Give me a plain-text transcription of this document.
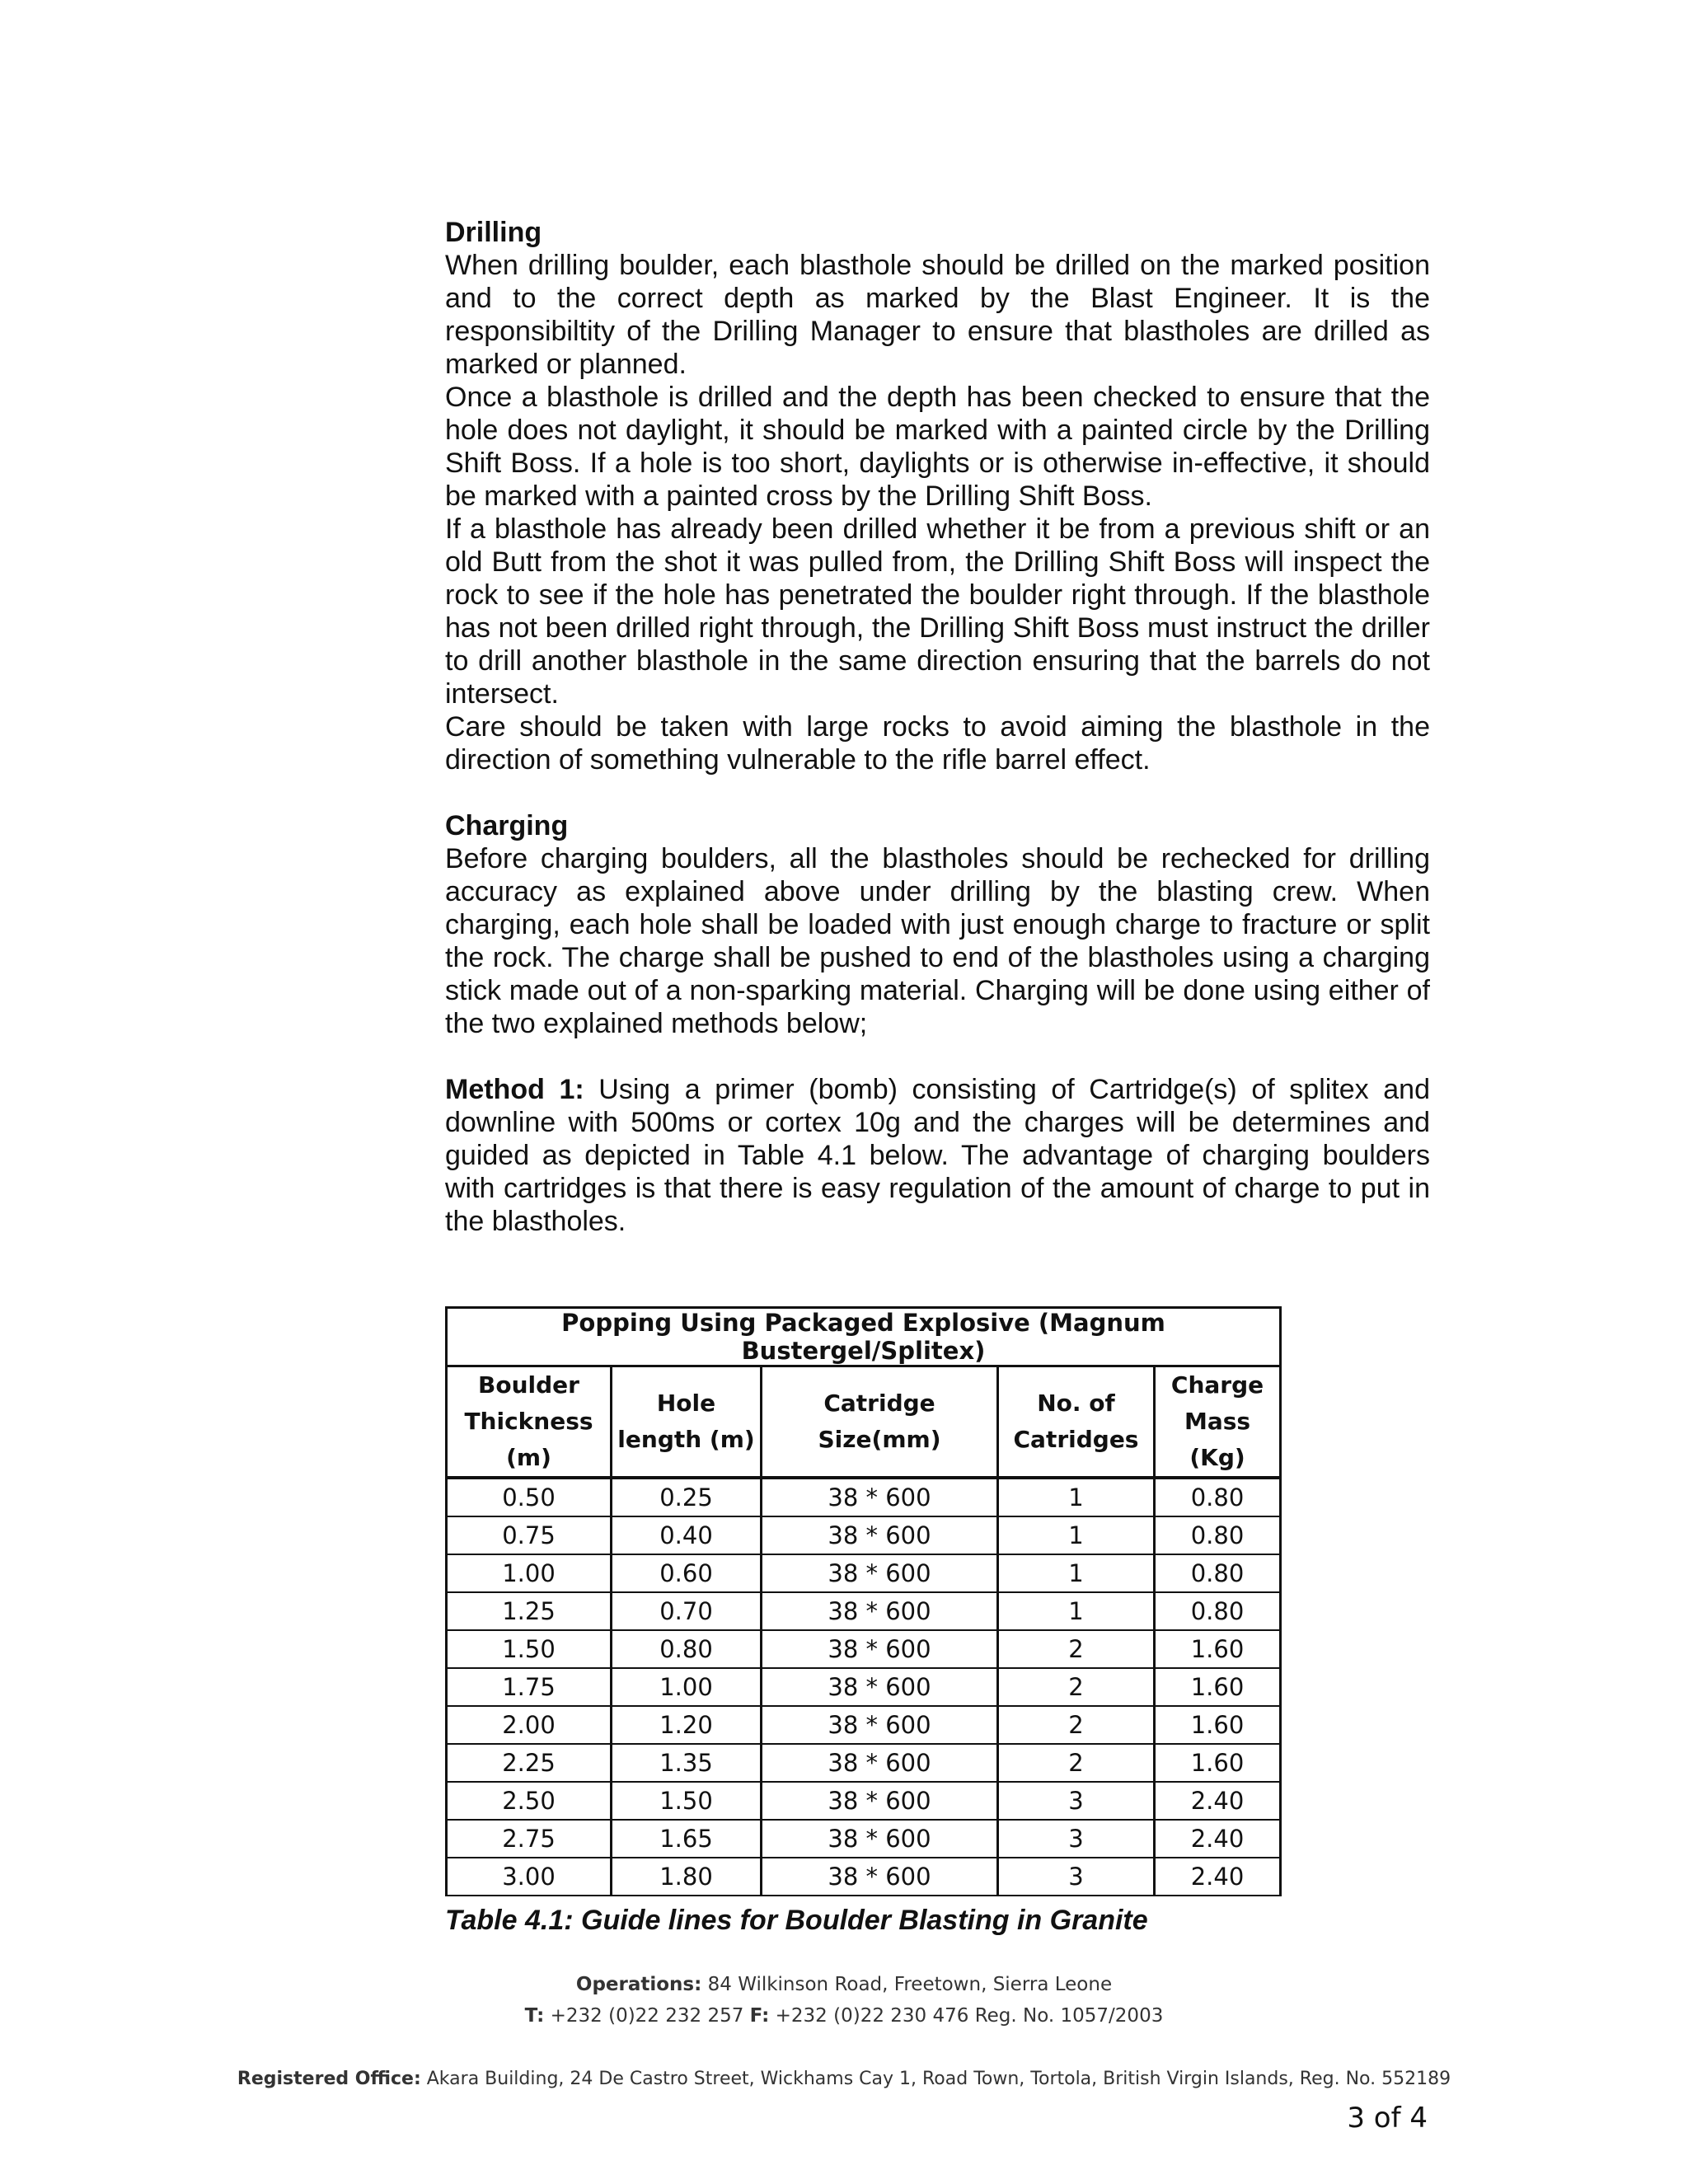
Drilling

When drilling boulder, each blasthole should be drilled on the marked position and to the correct depth as marked by the Blast Engineer. It is the responsibiltity of the Drilling Manager to ensure that blastholes are drilled as marked or planned.

Once a blasthole is drilled and the depth has been checked to ensure that the hole does not daylight, it should be marked with a painted circle by the Drilling Shift Boss. If a hole is too short, daylights or is otherwise in-effective, it should be marked with a painted cross by the Drilling Shift Boss.

If a blasthole has already been drilled whether it be from a previous shift or an old Butt from the shot it was pulled from, the Drilling Shift Boss will inspect the rock to see if the hole has penetrated the boulder right through. If the blasthole has not been drilled right through, the Drilling Shift Boss must instruct the driller to drill another blasthole in the same direction ensuring that the barrels do not intersect.

Care should be taken with large rocks to avoid aiming the blasthole in the direction of something vulnerable to the rifle barrel effect.

Charging

Before charging boulders, all the blastholes should be rechecked for drilling accuracy as explained above under drilling by the blasting crew. When charging, each hole shall be loaded with just enough charge to fracture or split the rock. The charge shall be pushed to end of the blastholes using a charging stick made out of a non-sparking material. Charging will be done using either of the two explained methods below;

Method 1: Using a primer (bomb) consisting of Cartridge(s) of splitex and downline with 500ms or cortex 10g and the charges will be determines and guided as depicted in Table 4.1 below. The advantage of charging boulders with cartridges is that there is easy regulation of the amount of charge to put in the blastholes.

Popping Using Packaged Explosive (Magnum Bustergel/Splitex)				
Boulder Thickness (m)	Hole length (m)	Catridge Size(mm)	No. of Catridges	Charge Mass (Kg)
0.50	0.25	38 * 600	1	0.80
0.75	0.40	38 * 600	1	0.80
1.00	0.60	38 * 600	1	0.80
1.25	0.70	38 * 600	1	0.80
1.50	0.80	38 * 600	2	1.60
1.75	1.00	38 * 600	2	1.60
2.00	1.20	38 * 600	2	1.60
2.25	1.35	38 * 600	2	1.60
2.50	1.50	38 * 600	3	2.40
2.75	1.65	38 * 600	3	2.40
3.00	1.80	38 * 600	3	2.40
Table 4.1: Guide lines for Boulder Blasting in Granite
Operations: 84 Wilkinson Road, Freetown, Sierra Leone
T: +232 (0)22 232 257 F: +232 (0)22 230 476 Reg. No. 1057/2003
Registered Office: Akara Building, 24 De Castro Street, Wickhams Cay 1, Road Town, Tortola, British Virgin Islands, Reg. No. 552189
3 of 4
